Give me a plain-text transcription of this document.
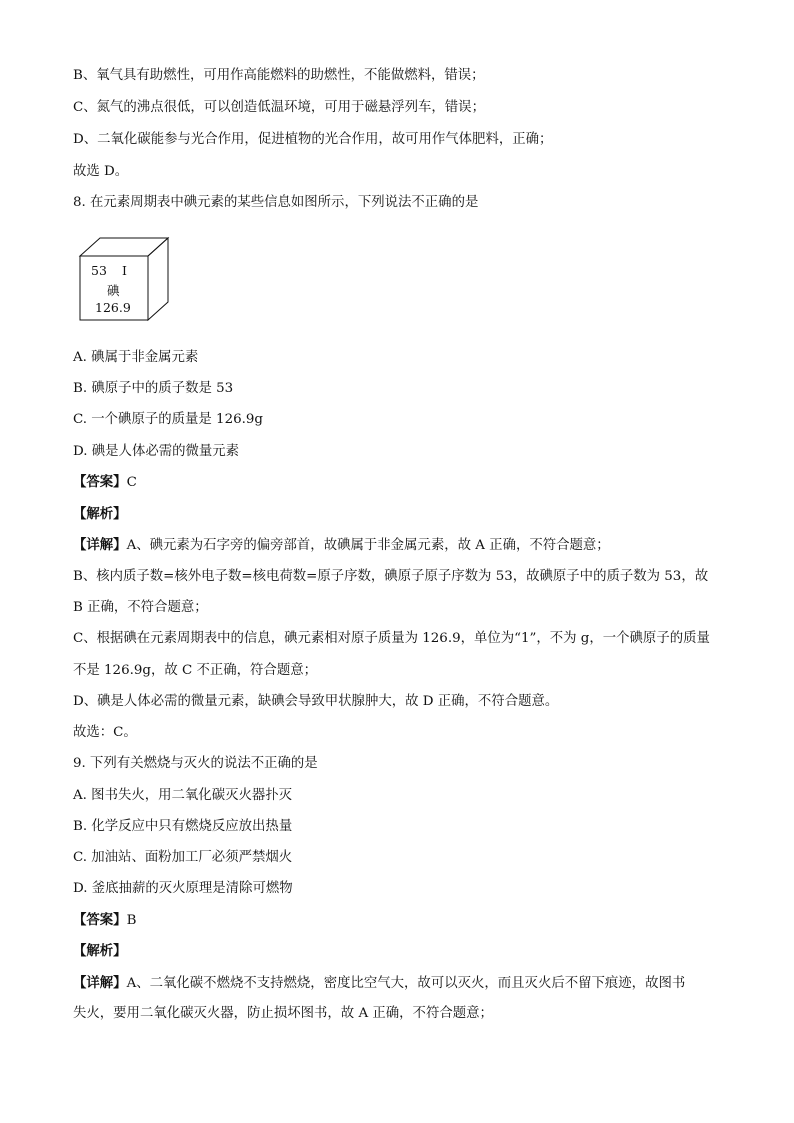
B、氧气具有助燃性，可用作高能燃料的助燃性，不能做燃料，错误；
C、氮气的沸点很低，可以创造低温环境，可用于磁悬浮列车，错误；
D、二氧化碳能参与光合作用，促进植物的光合作用，故可用作气体肥料，正确；
故选 D。
8. 在元素周期表中碘元素的某些信息如图所示，下列说法不正确的是
53 I
碘
126.9
A. 碘属于非金属元素
B. 碘原子中的质子数是 53
C. 一个碘原子的质量是 126.9g
D. 碘是人体必需的微量元素
【答案】C
【解析】
【详解】A、碘元素为石字旁的偏旁部首，故碘属于非金属元素，故 A 正确，不符合题意；
B、核内质子数=核外电子数=核电荷数=原子序数，碘原子原子序数为 53，故碘原子中的质子数为 53，故
B 正确，不符合题意；
C、根据碘在元素周期表中的信息，碘元素相对原子质量为 126.9，单位为“1”，不为 g，一个碘原子的质量
不是 126.9g，故 C 不正确，符合题意；
D、碘是人体必需的微量元素，缺碘会导致甲状腺肿大，故 D 正确，不符合题意。
故选：C。
9. 下列有关燃烧与灭火的说法不正确的是
A. 图书失火，用二氧化碳灭火器扑灭
B. 化学反应中只有燃烧反应放出热量
C. 加油站、面粉加工厂必须严禁烟火
D. 釜底抽薪的灭火原理是清除可燃物
【答案】B
【解析】
【详解】A、二氧化碳不燃烧不支持燃烧，密度比空气大，故可以灭火，而且灭火后不留下痕迹，故图书
失火，要用二氧化碳灭火器，防止损坏图书，故 A 正确，不符合题意；
